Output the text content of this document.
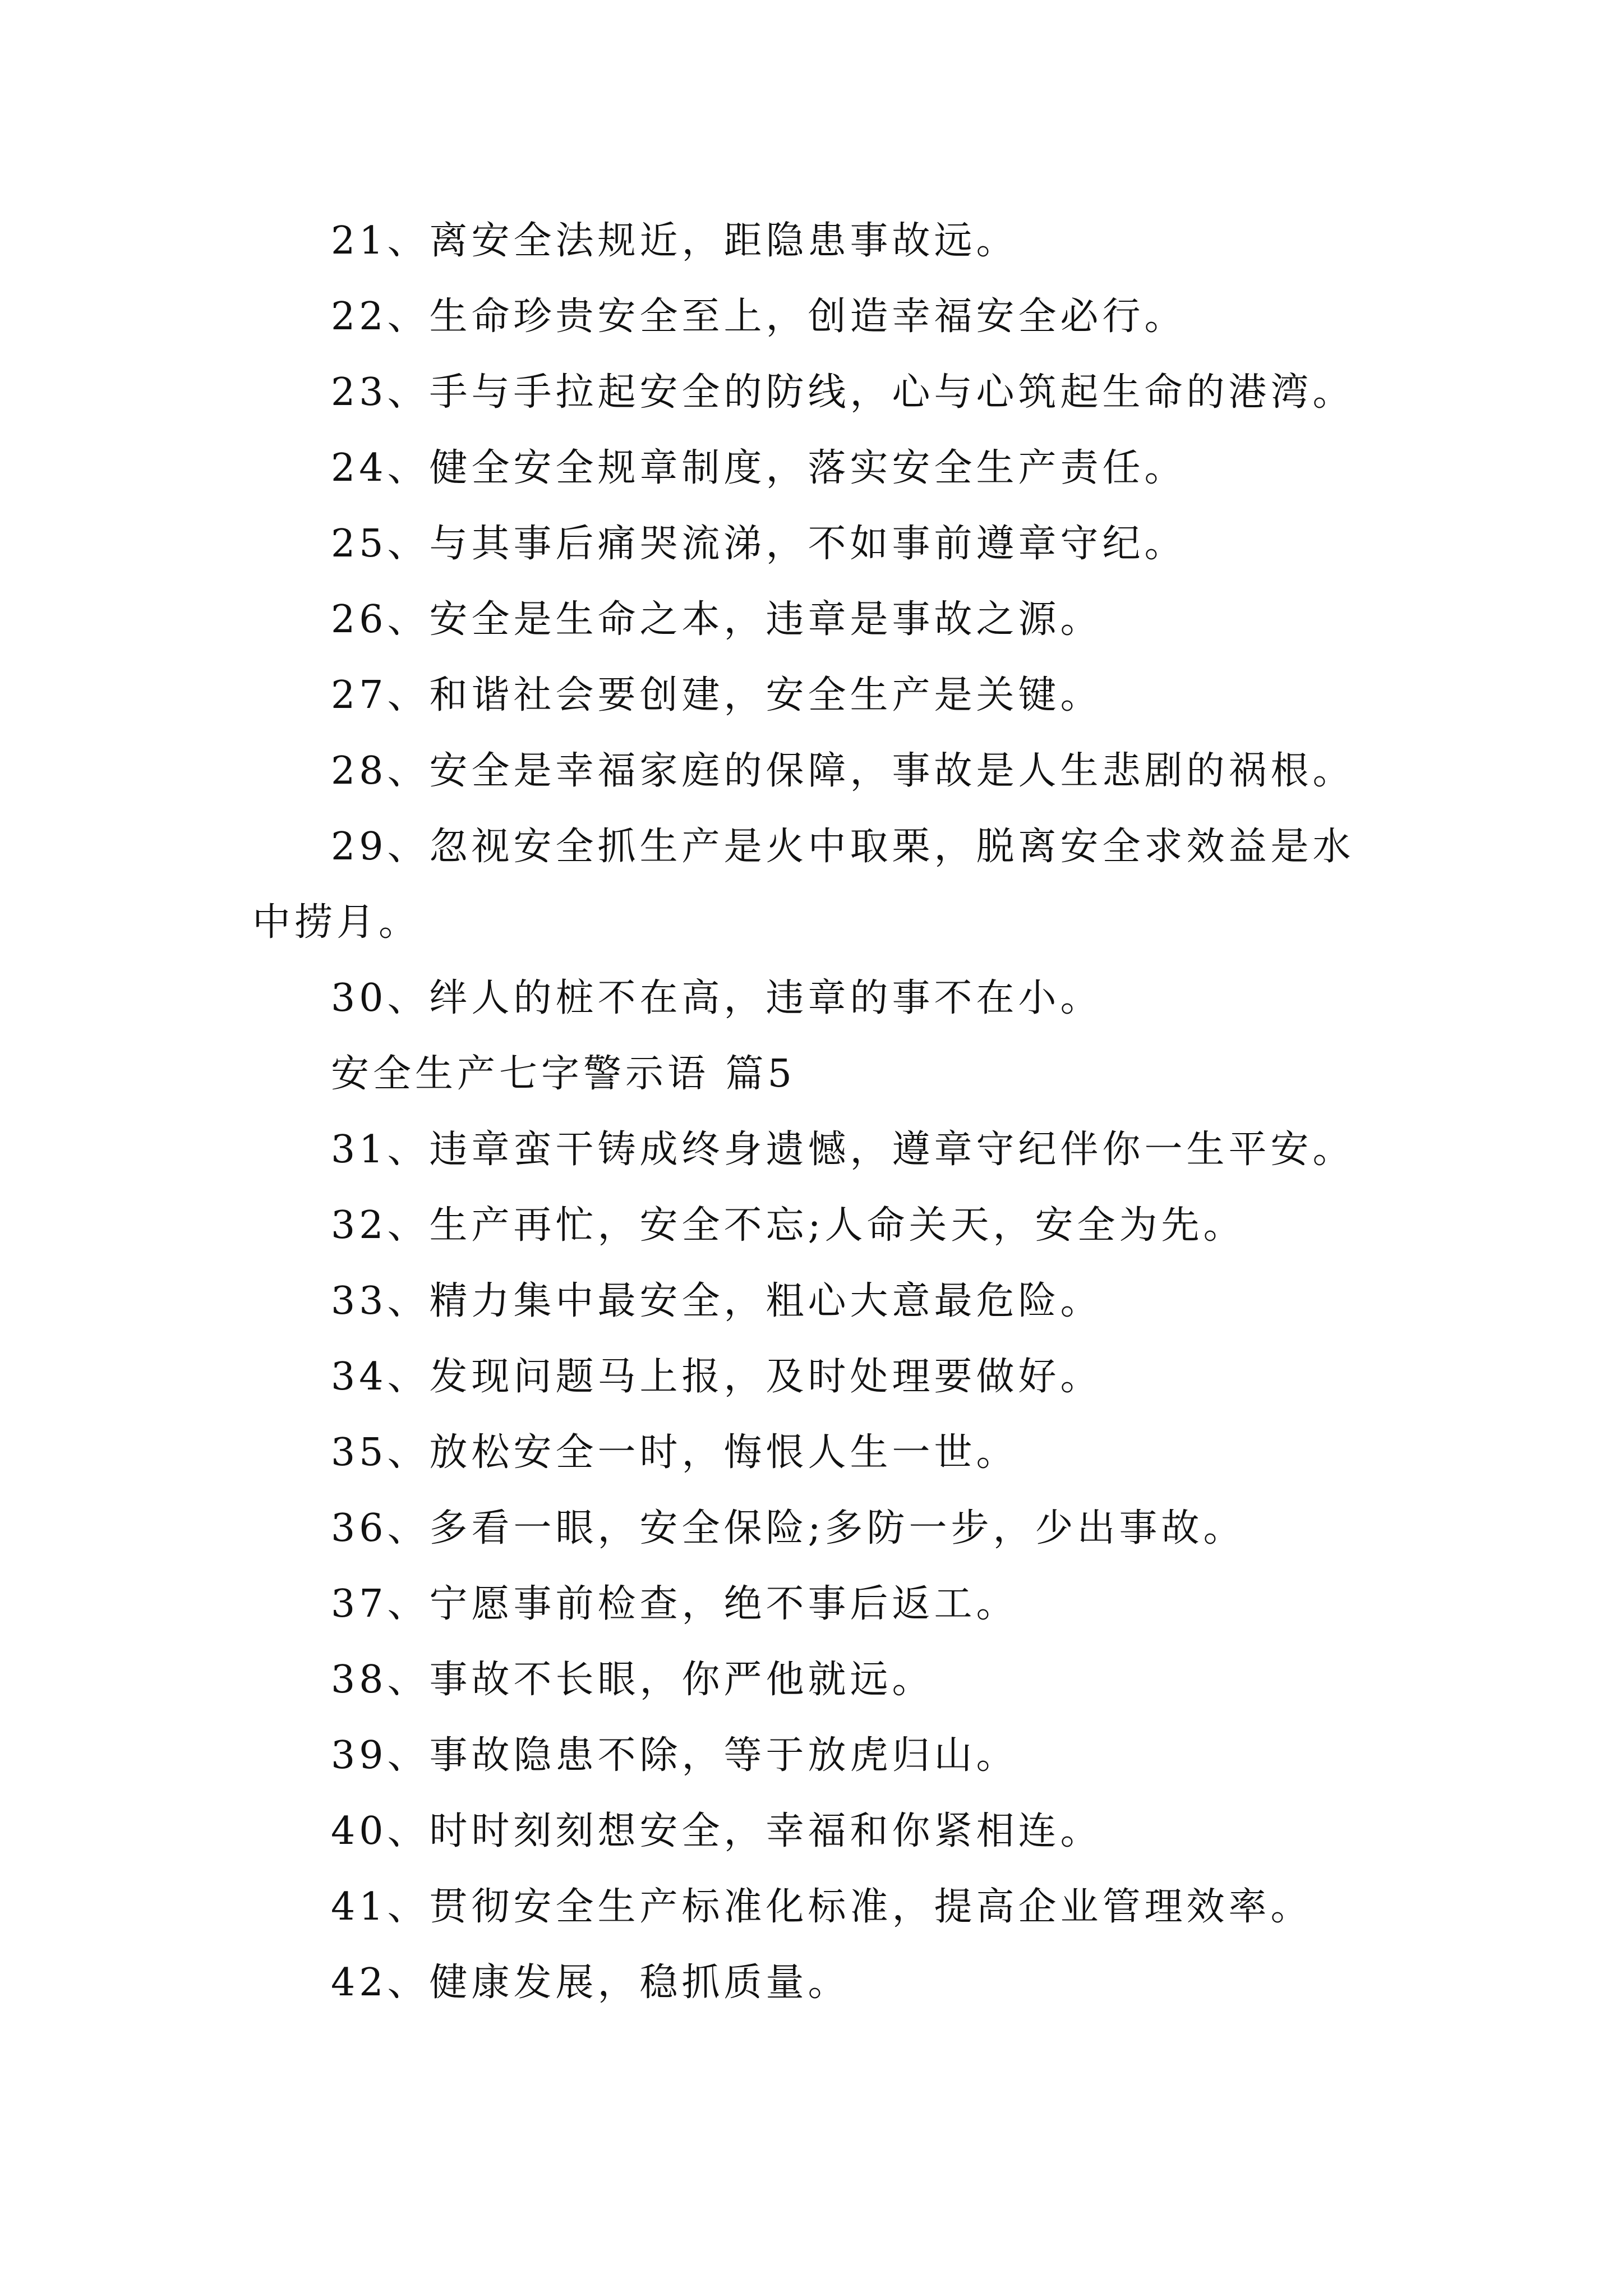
21、离安全法规近，距隐患事故远。
22、生命珍贵安全至上，创造幸福安全必行。
23、手与手拉起安全的防线，心与心筑起生命的港湾。
24、健全安全规章制度，落实安全生产责任。
25、与其事后痛哭流涕，不如事前遵章守纪。
26、安全是生命之本，违章是事故之源。
27、和谐社会要创建，安全生产是关键。
28、安全是幸福家庭的保障，事故是人生悲剧的祸根。
29、忽视安全抓生产是火中取栗，脱离安全求效益是水
中捞月。
30、绊人的桩不在高，违章的事不在小。
安全生产七字警示语 篇5
31、违章蛮干铸成终身遗憾，遵章守纪伴你一生平安。
32、生产再忙，安全不忘;人命关天，安全为先。
33、精力集中最安全，粗心大意最危险。
34、发现问题马上报，及时处理要做好。
35、放松安全一时，悔恨人生一世。
36、多看一眼，安全保险;多防一步，少出事故。
37、宁愿事前检查，绝不事后返工。
38、事故不长眼，你严他就远。
39、事故隐患不除，等于放虎归山。
40、时时刻刻想安全，幸福和你紧相连。
41、贯彻安全生产标准化标准，提高企业管理效率。
42、健康发展，稳抓质量。
